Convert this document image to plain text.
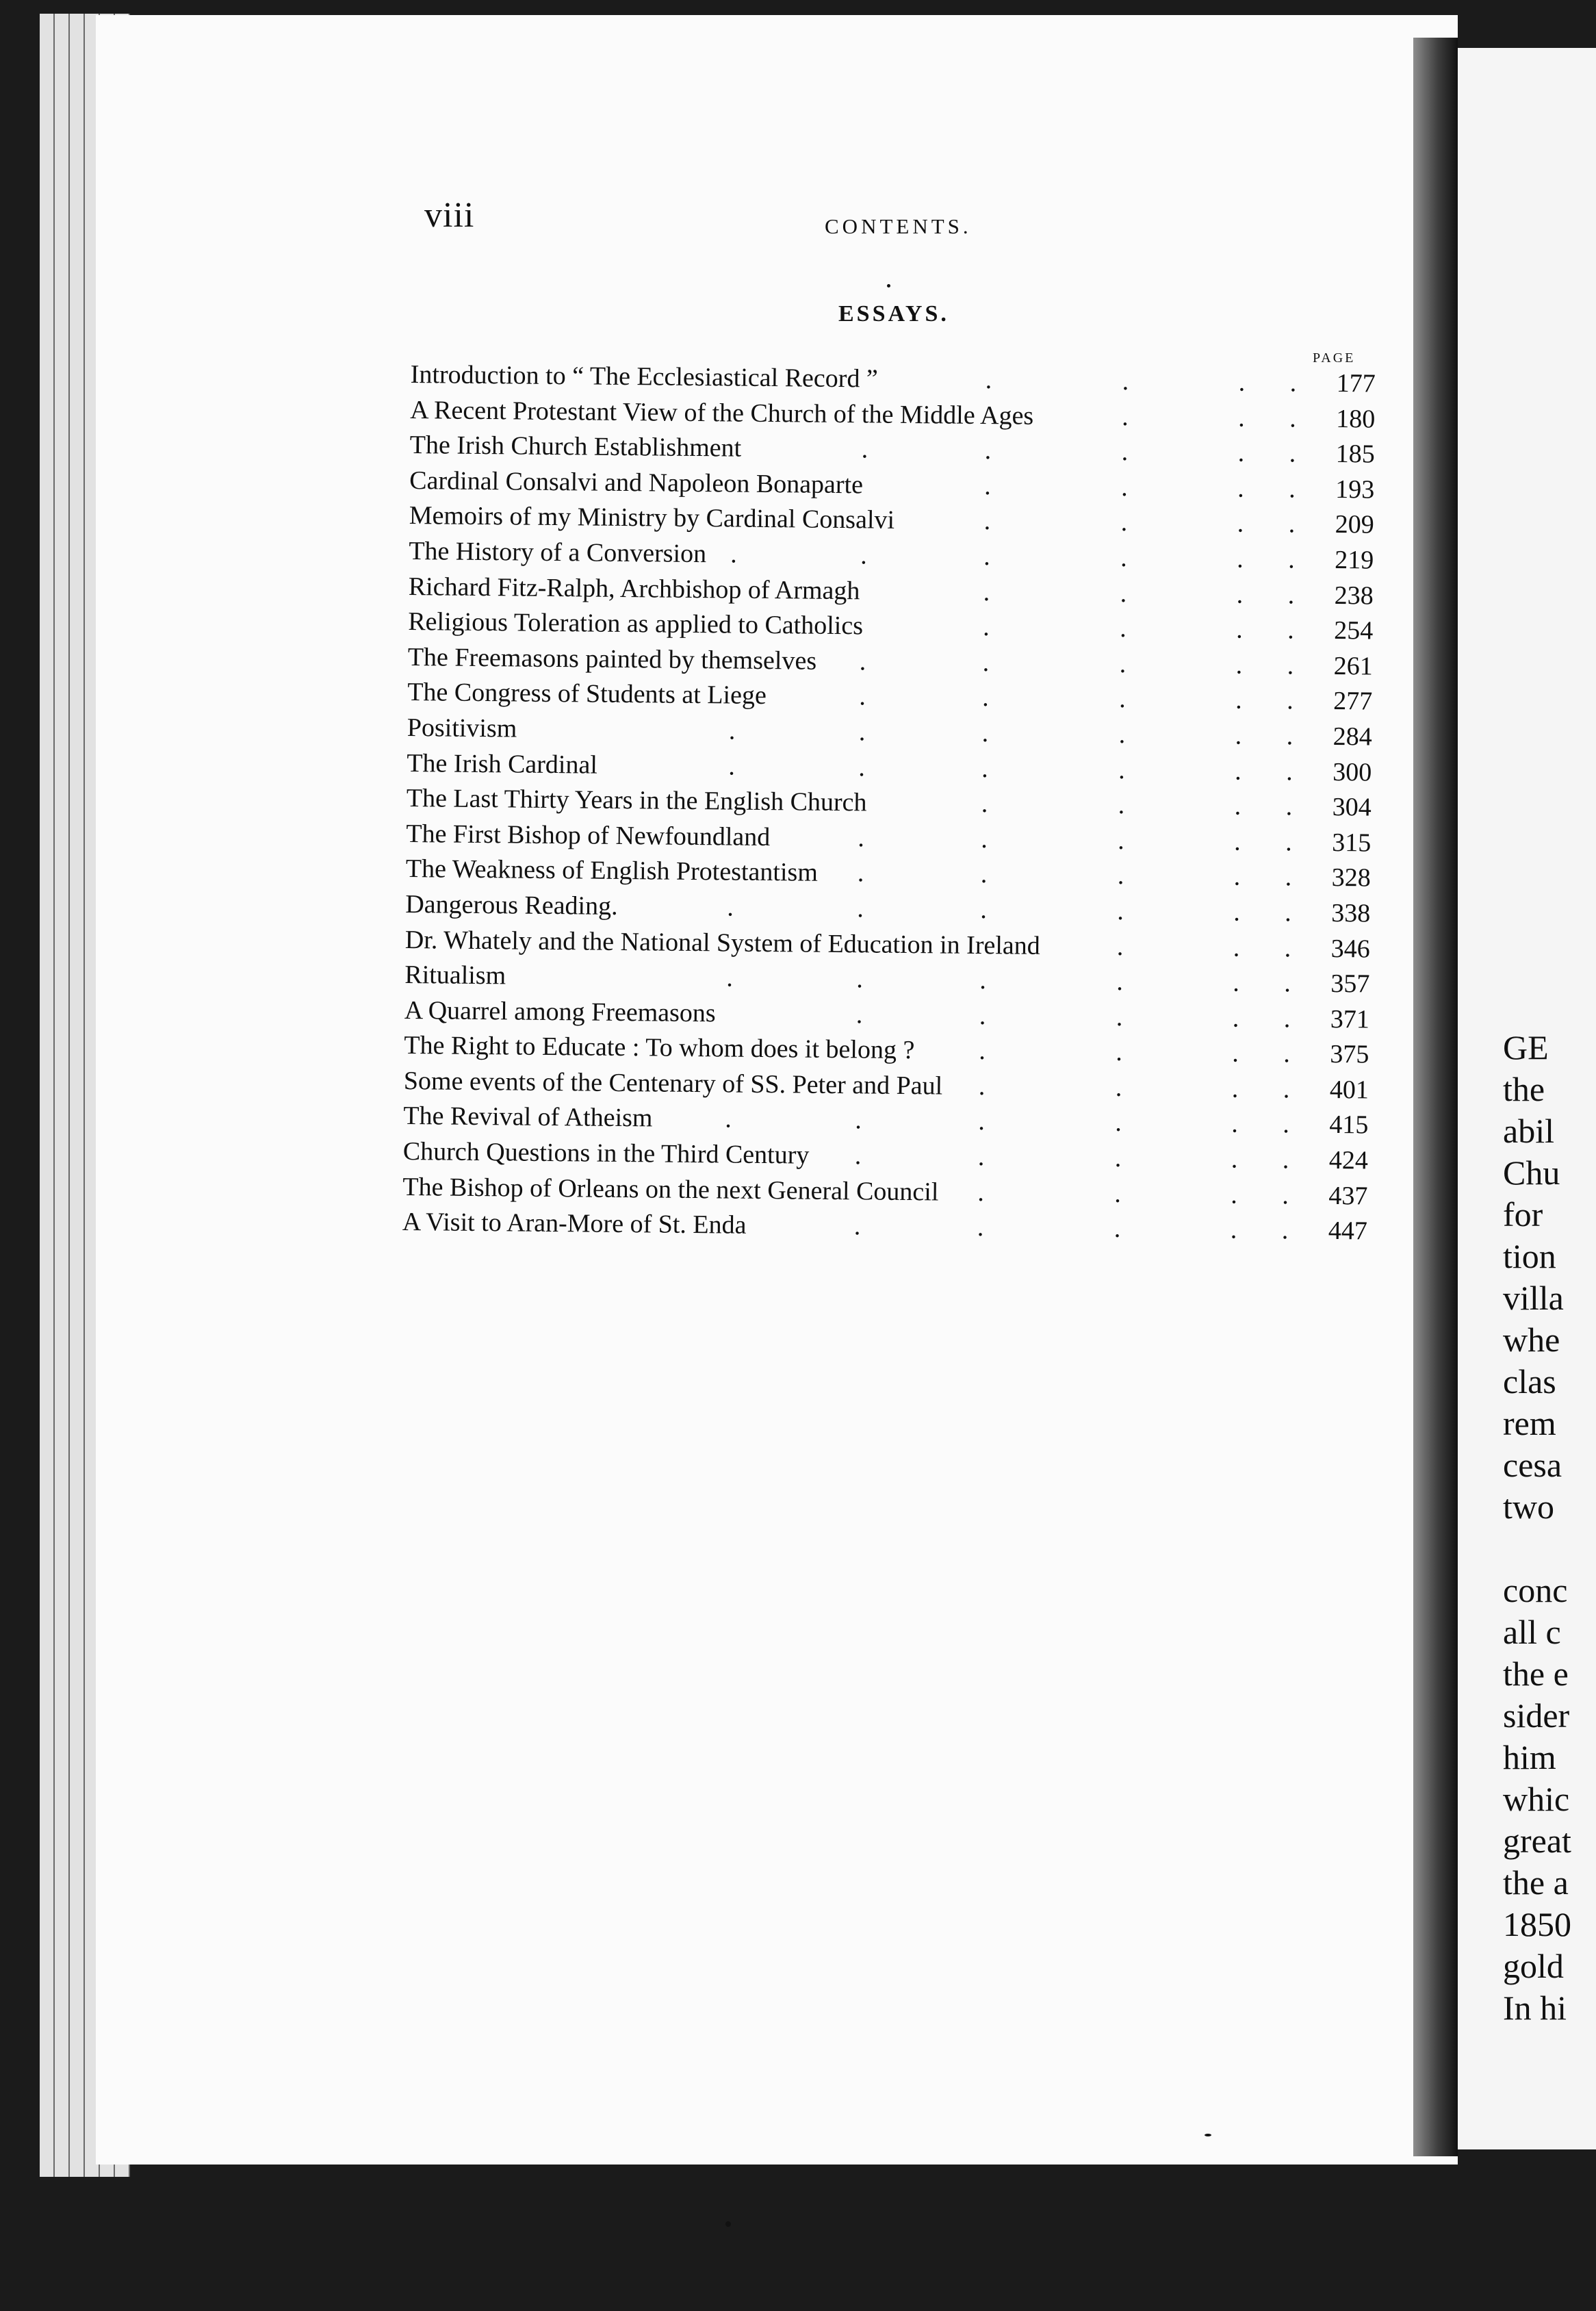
viii	CONTENTS.
ESSAYS.
PAGE
Introduction to “ The Ecclesiastical Record ”	177
.	.	. .
A Recent Protestant View of the Church of the Middle Ages	180
.	. .
The Irish Church Establishment	185
.	.	.	. .
Cardinal Consalvi and Napoleon Bonaparte	193
.	.	. .
Memoirs of my Ministry by Cardinal Consalvi	209
.	.	. .
The History of a Conversion	219
.	.	.	.	. .
Richard Fitz-Ralph, Archbishop of Armagh	238
.	.	. .
Religious Toleration as applied to Catholics	254
.	.	. .
The Freemasons painted by themselves	261
.	.	.	. .
The Congress of Students at Liege	277
.	.	.	. .
Positivism	284
.	.	.	.	. .
The Irish Cardinal	300
.	.	.	.	. .
The Last Thirty Years in the English Church	304
.	.	. .
The First Bishop of Newfoundland	315
.	.	.	. .
The Weakness of English Protestantism	328
.	.	.	. .
Dangerous Reading.	338
.	.	.	.	. .
Dr. Whately and the National System of Education in Ireland	346
.	. .
Ritualism	357
.	.	.	.	. .
A Quarrel among Freemasons	371
.	.	.	. .
The Right to Educate : To whom does it belong ?	375
.	.	. .
Some events of the Centenary of SS. Peter and Paul	401
.	.	. .
The Revival of Atheism	415
.	.	.	.	. .
Church Questions in the Third Century	424
.	.	.	. .
The Bishop of Orleans on the next General Council	437
.	.	. .
A Visit to Aran-More of St. Enda	447
.	.	.	. .
GE
the
abil
Chu
for
tion
villa
whe
clas
rem
cesa
two
conc
all c
the e
sider
him
whic
great
the a
1850
gold
In hi
